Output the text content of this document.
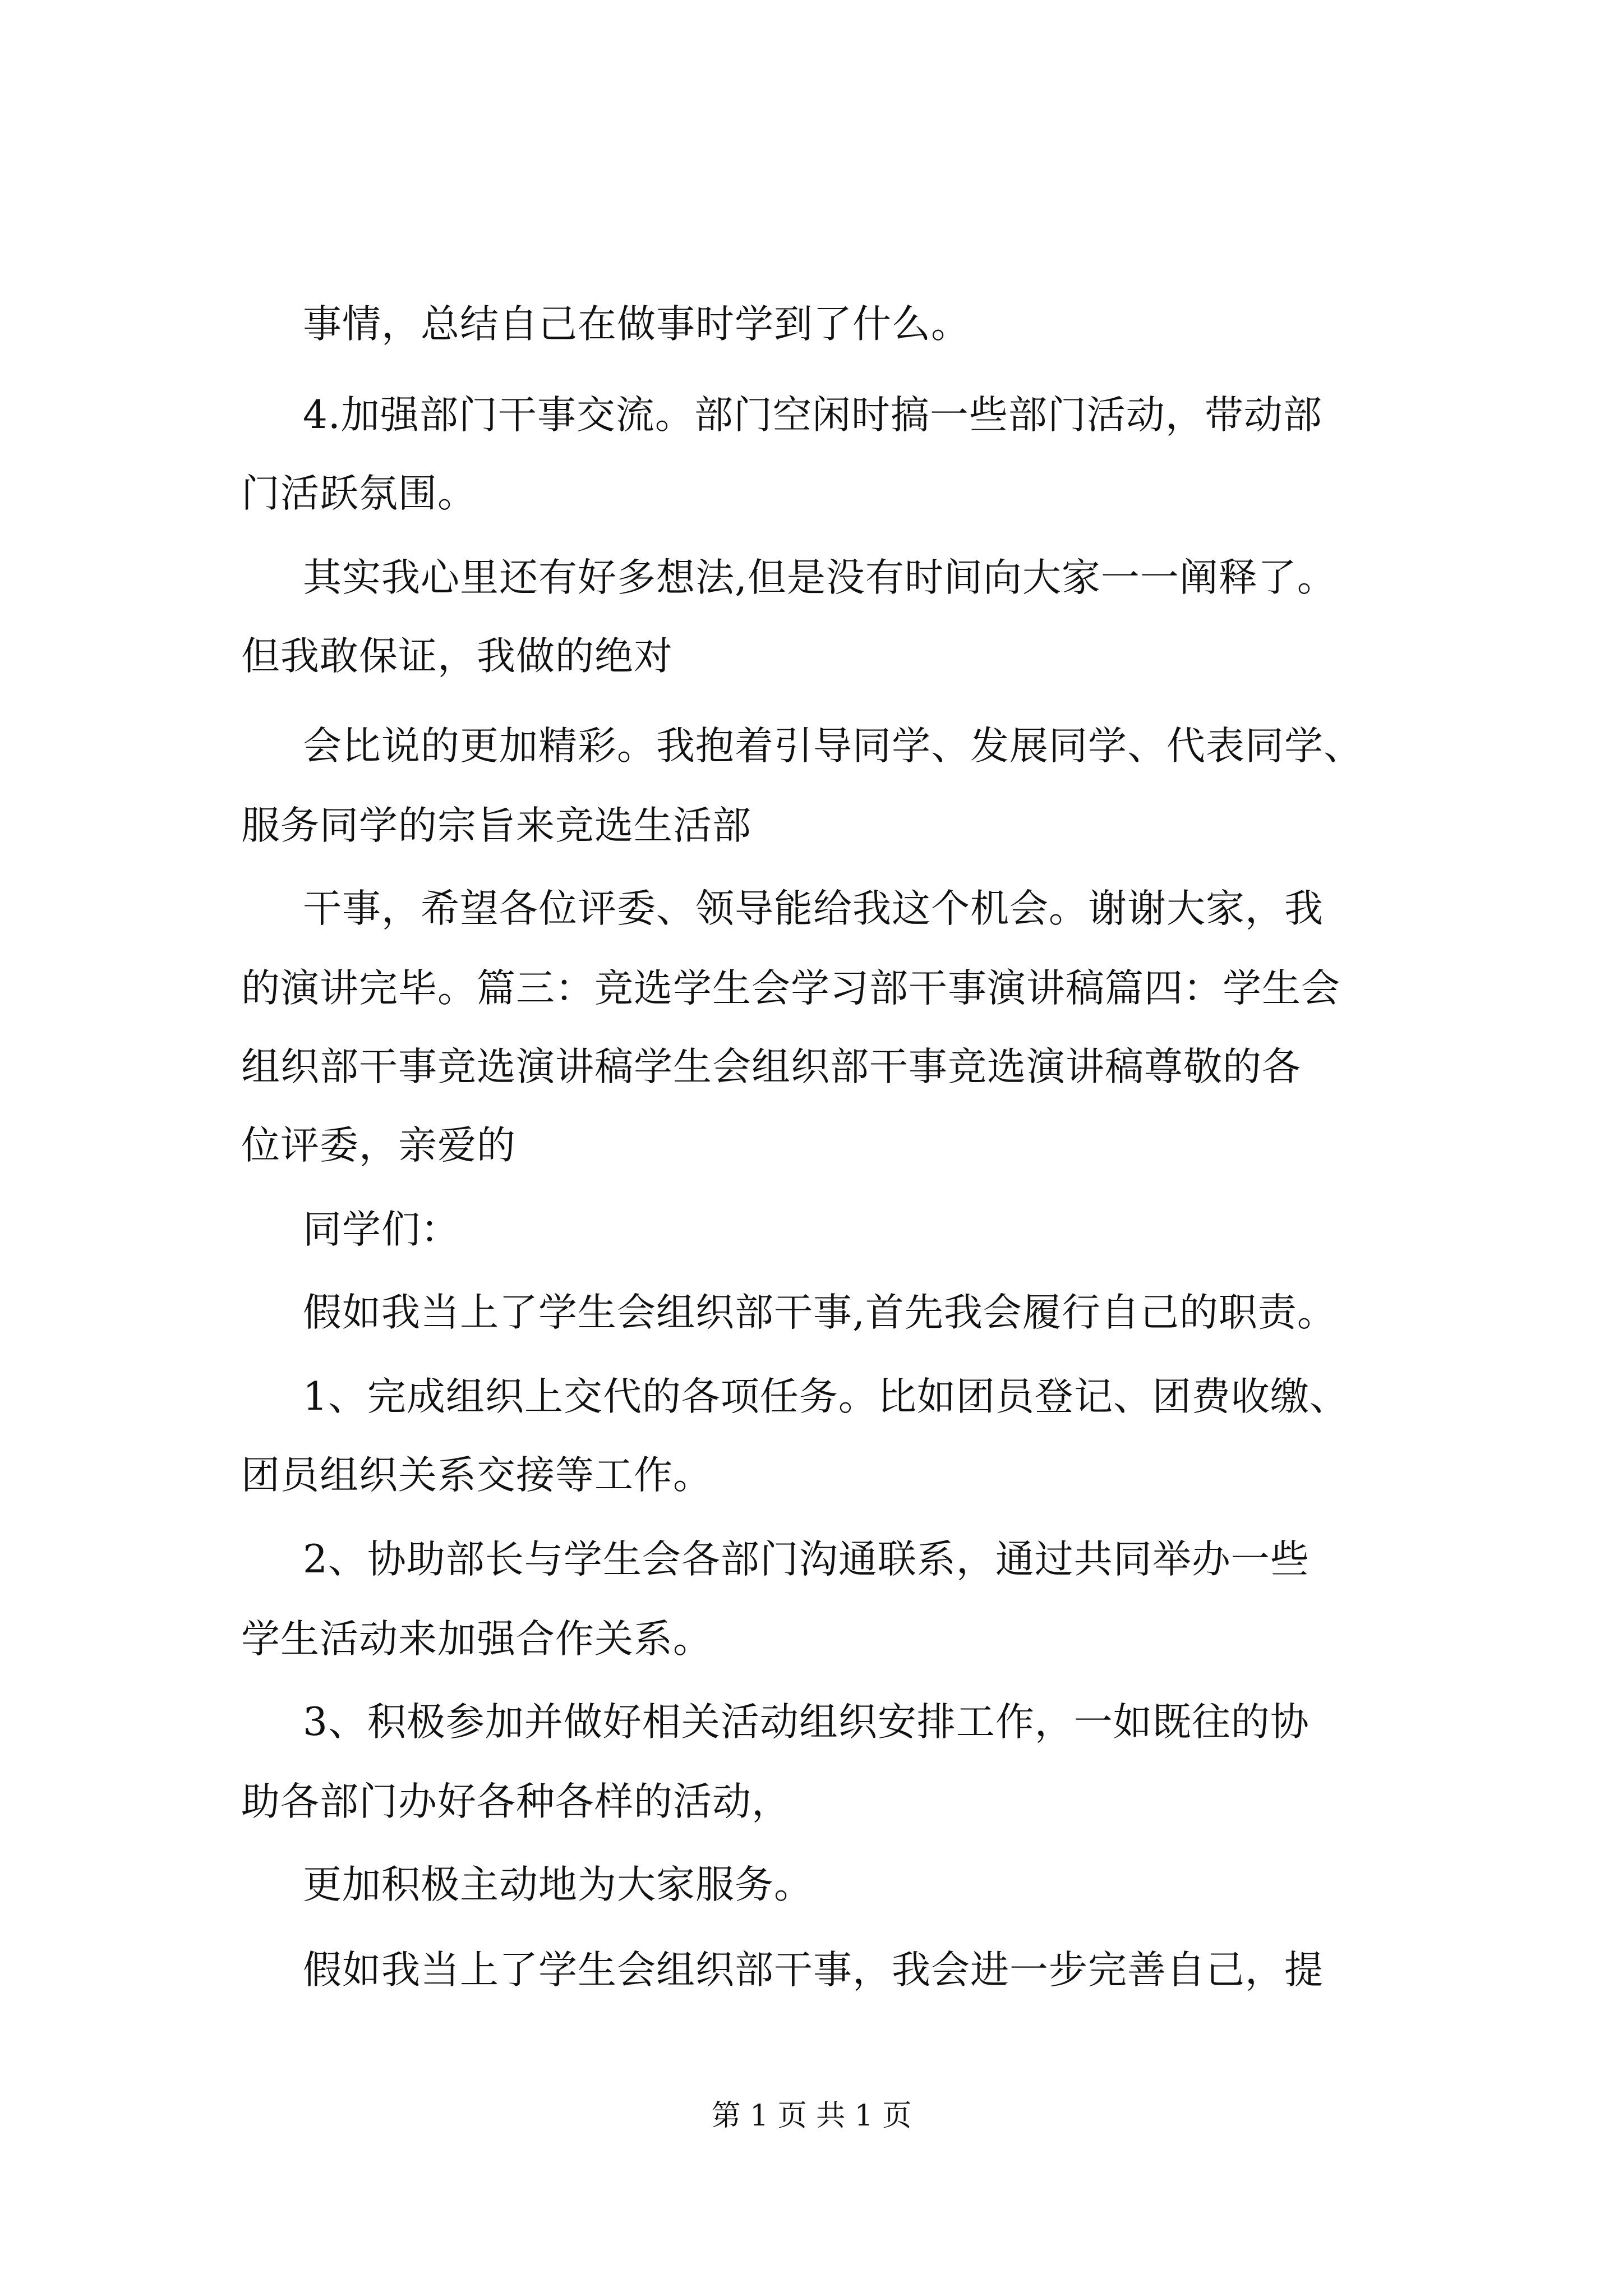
事情，总结自己在做事时学到了什么。
4.加强部门干事交流。部门空闲时搞一些部门活动，带动部
门活跃氛围。
其实我心里还有好多想法,但是没有时间向大家一一阐释了。
但我敢保证，我做的绝对
会比说的更加精彩。我抱着引导同学、发展同学、代表同学、
服务同学的宗旨来竞选生活部
干事，希望各位评委、领导能给我这个机会。谢谢大家，我
的演讲完毕。篇三：竞选学生会学习部干事演讲稿篇四：学生会
组织部干事竞选演讲稿学生会组织部干事竞选演讲稿尊敬的各
位评委，亲爱的
同学们：
假如我当上了学生会组织部干事,首先我会履行自己的职责。
1、完成组织上交代的各项任务。比如团员登记、团费收缴、
团员组织关系交接等工作。
2、协助部长与学生会各部门沟通联系，通过共同举办一些
学生活动来加强合作关系。
3、积极参加并做好相关活动组织安排工作，一如既往的协
助各部门办好各种各样的活动，
更加积极主动地为大家服务。
假如我当上了学生会组织部干事，我会进一步完善自己，提
第 1 页 共 1 页
